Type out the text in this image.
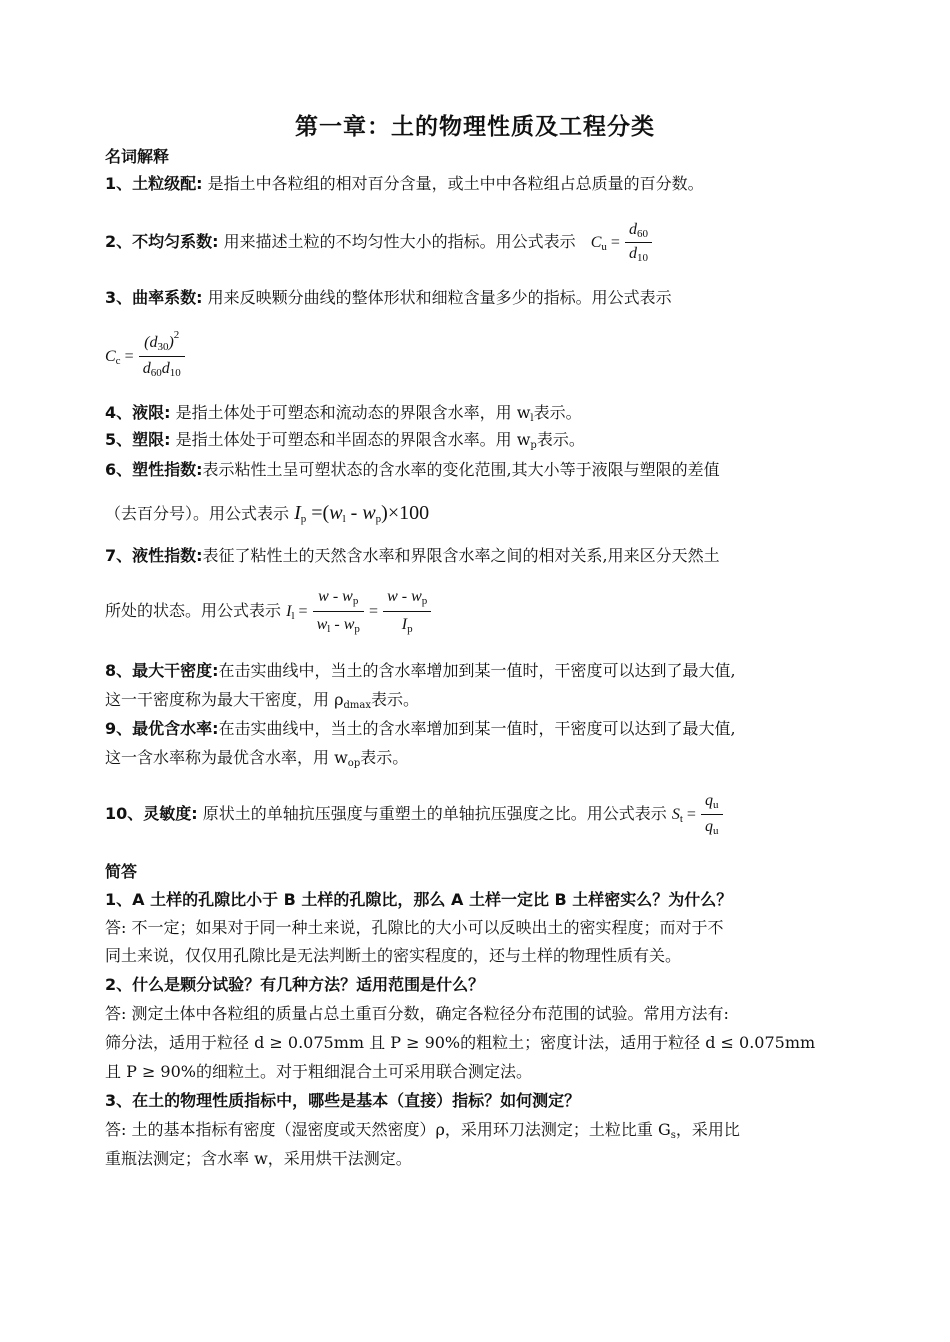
第一章：土的物理性质及工程分类
名词解释
1、土粒级配: 是指土中各粒组的相对百分含量，或土中中各粒组占总质量的百分数。
2、不均匀系数: 用来描述土粒的不均匀性大小的指标。用公式表示 $Cu = \frac{d60}{d10}$
3、曲率系数: 用来反映颗分曲线的整体形状和细粒含量多少的指标。用公式表示
$Cc = \frac{(d30)^2}{d60d10}$
4、液限: 是指土体处于可塑态和流动态的界限含水率，用 wl表示。
5、塑限: 是指土体处于可塑态和半固态的界限含水率。用 wp表示。
6、塑性指数:表示粘性土呈可塑状态的含水率的变化范围,其大小等于液限与塑限的差值
（去百分号）。用公式表示 Ip =(wl - wp)×100
7、液性指数:表征了粘性土的天然含水率和界限含水率之间的相对关系,用来区分天然土
所处的状态。用公式表示 $Il = \frac{w - wp}{wl - wp} = \frac{w - wp}{Ip}$
8、最大干密度:在击实曲线中，当土的含水率增加到某一值时，干密度可以达到了最大值,
这一干密度称为最大干密度，用 ρdmax表示。
9、最优含水率:在击实曲线中，当土的含水率增加到某一值时，干密度可以达到了最大值,
这一含水率称为最优含水率，用 wop表示。
10、灵敏度: 原状土的单轴抗压强度与重塑土的单轴抗压强度之比。用公式表示 $St = \frac{qu}{qu}$
简答
1、A 土样的孔隙比小于 B 土样的孔隙比，那么 A 土样一定比 B 土样密实么？为什么？
答: 不一定；如果对于同一种土来说，孔隙比的大小可以反映出土的密实程度；而对于不
同土来说，仅仅用孔隙比是无法判断土的密实程度的，还与土样的物理性质有关。
2、什么是颗分试验？有几种方法？适用范围是什么？
答: 测定土体中各粒组的质量占总土重百分数，确定各粒径分布范围的试验。常用方法有:
筛分法，适用于粒径 d ≥ 0.075mm 且 P ≥ 90%的粗粒土；密度计法，适用于粒径 d ≤ 0.075mm
且 P ≥ 90%的细粒土。对于粗细混合土可采用联合测定法。
3、在土的物理性质指标中，哪些是基本（直接）指标？如何测定？
答: 土的基本指标有密度（湿密度或天然密度）ρ，采用环刀法测定；土粒比重 Gs，采用比
重瓶法测定；含水率 w，采用烘干法测定。
